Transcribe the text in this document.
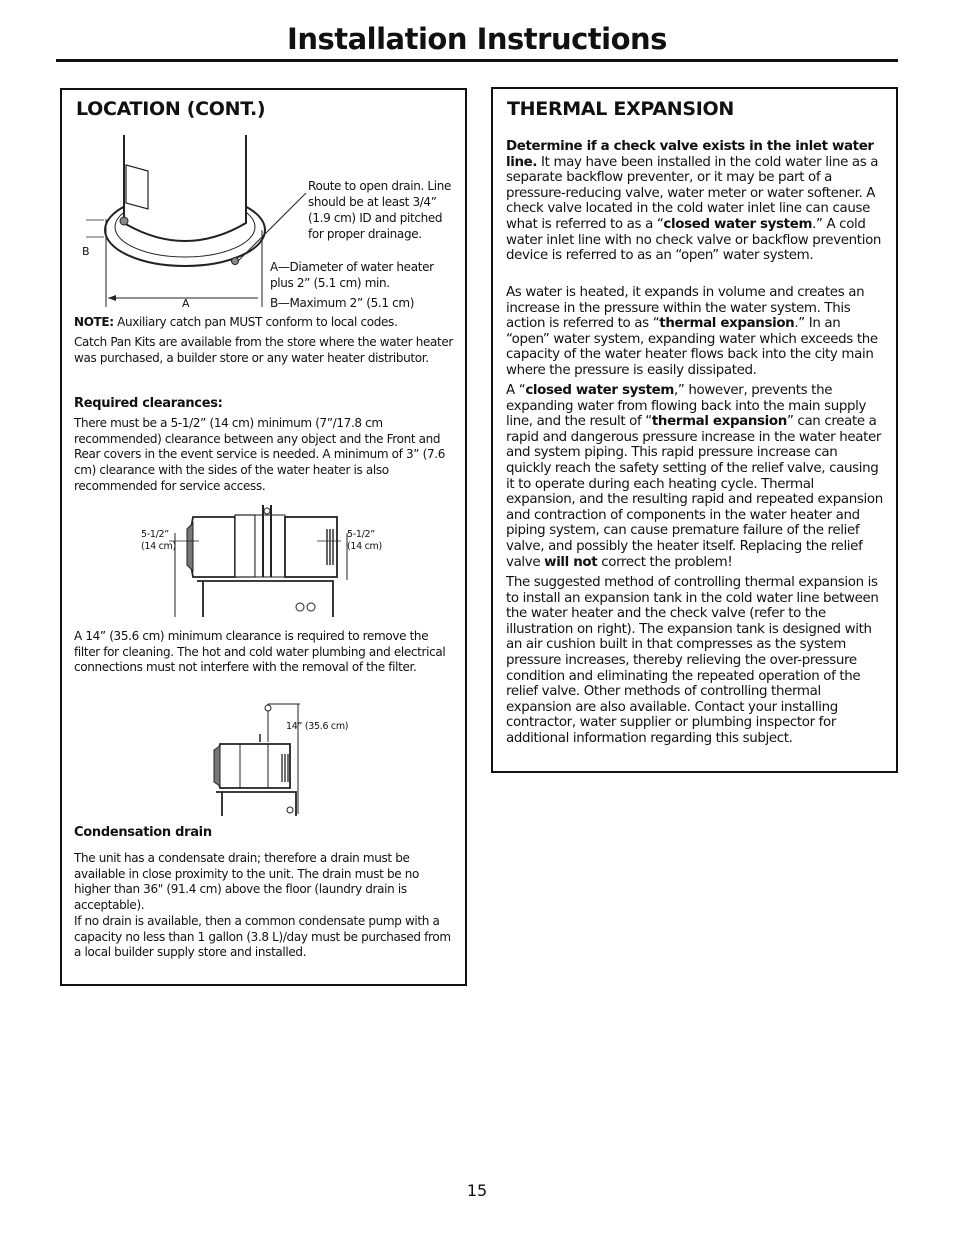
Installation Instructions
LOCATION (CONT.)
B
A
Route to open drain. Line should be at least 3/4” (1.9 cm) ID and pitched for proper drainage.
A—Diameter of water heater plus 2” (5.1 cm) min.
B—Maximum 2” (5.1 cm)
NOTE: Auxiliary catch pan MUST conform to local codes.
Catch Pan Kits are available from the store where the water heater was purchased, a builder store or any water heater distributor.
Required clearances:
There must be a 5-1/2” (14 cm) minimum (7”/17.8 cm recommended) clearance between any object and the Front and Rear covers in the event service is needed. A minimum of 3” (7.6 cm) clearance with the sides of the water heater is also recommended for service access.
5-1/2”
(14 cm)
5-1/2”
(14 cm)
A 14” (35.6 cm) minimum clearance is required to remove the filter for cleaning. The hot and cold water plumbing and electrical connections must not interfere with the removal of the filter.
14” (35.6 cm)
Condensation drain
The unit has a condensate drain; therefore a drain must be available in close proximity to the unit. The drain must be no higher than 36" (91.4 cm) above the floor (laundry drain is acceptable).
If no drain is available, then a common condensate pump with a capacity no less than 1 gallon (3.8 L)/day must be purchased from a local builder supply store and installed.
THERMAL EXPANSION

Determine if a check valve exists in the inlet water line. It may have been installed in the cold water line as a separate backflow preventer, or it may be part of a pressure-reducing valve, water meter or water softener. A check valve located in the cold water inlet line can cause what is referred to as a “closed water system.” A cold water inlet line with no check valve or backflow prevention device is referred to as an “open” water system.

As water is heated, it expands in volume and creates an increase in the pressure within the water system. This action is referred to as “thermal expansion.” In an “open” water system, expanding water which exceeds the capacity of the water heater flows back into the city main where the pressure is easily dissipated.

A “closed water system,” however, prevents the expanding water from flowing back into the main supply line, and the result of “thermal expansion” can create a rapid and dangerous pressure increase in the water heater and system piping. This rapid pressure increase can quickly reach the safety setting of the relief valve, causing it to operate during each heating cycle. Thermal expansion, and the resulting rapid and repeated expansion and contraction of components in the water heater and piping system, can cause premature failure of the relief valve, and possibly the heater itself. Replacing the relief valve will not correct the problem!

The suggested method of controlling thermal expansion is to install an expansion tank in the cold water line between the water heater and the check valve (refer to the illustration on right). The expansion tank is designed with an air cushion built in that compresses as the system pressure increases, thereby relieving the over-pressure condition and eliminating the repeated operation of the relief valve. Other methods of controlling thermal expansion are also available. Contact your installing contractor, water supplier or plumbing inspector for additional information regarding this subject.

15
